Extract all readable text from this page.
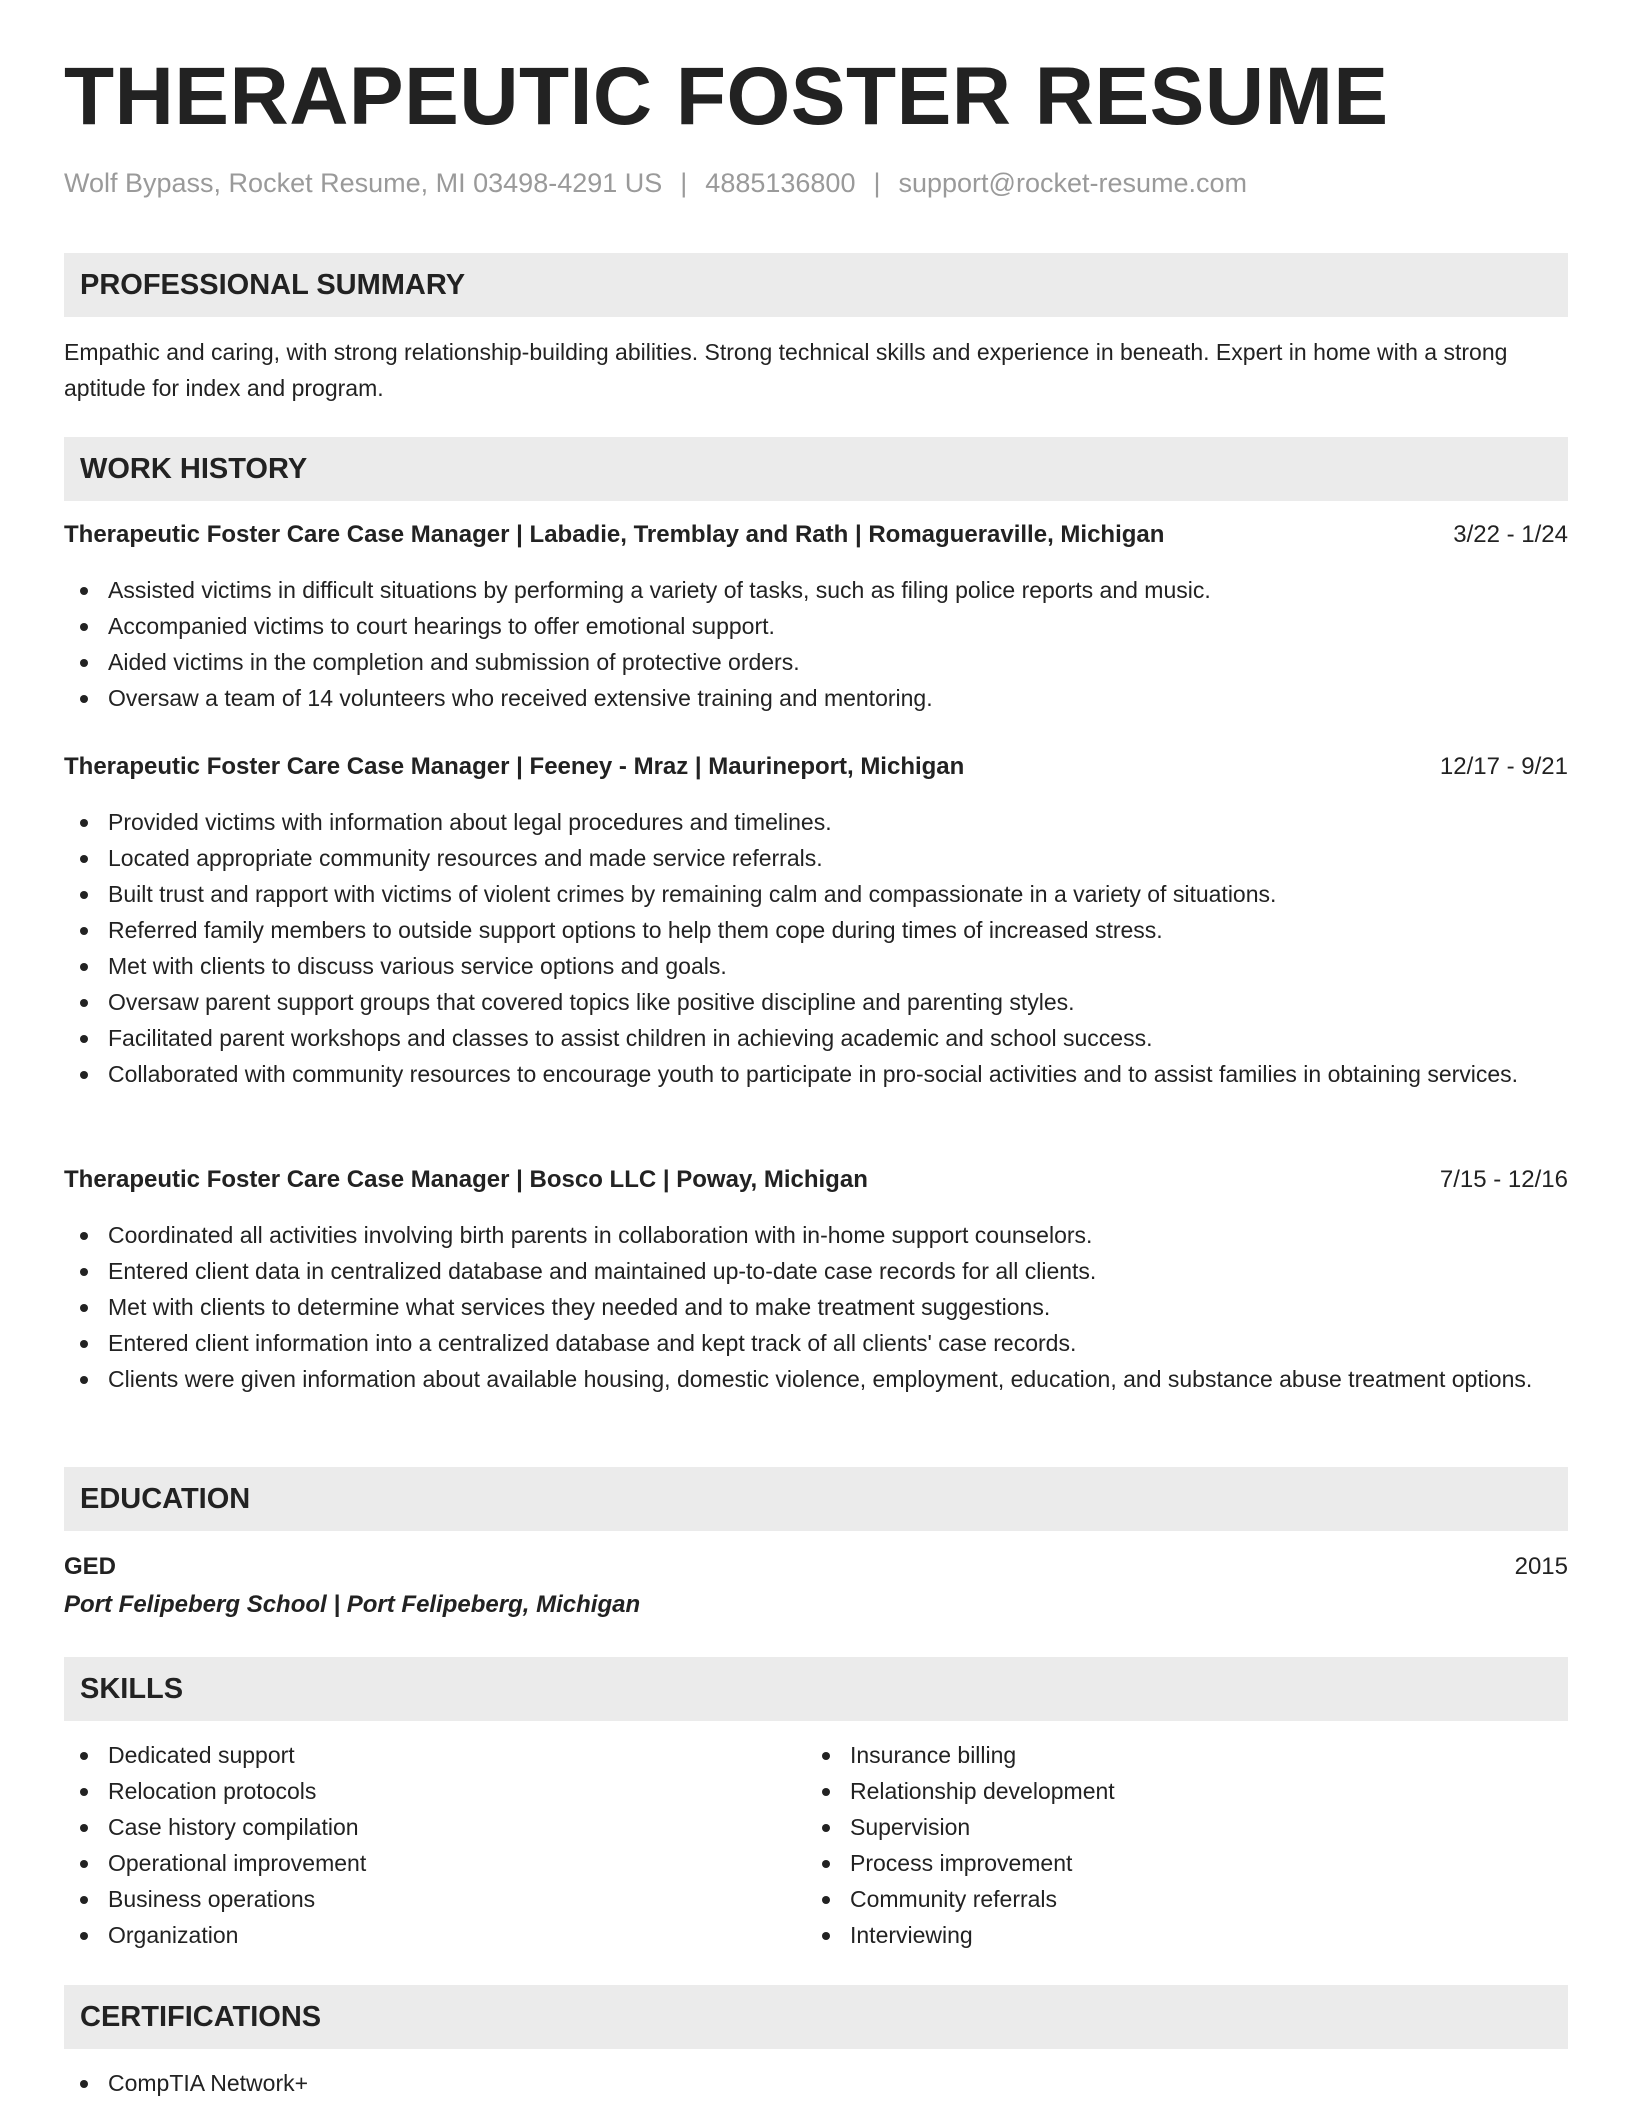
THERAPEUTIC FOSTER RESUME
Wolf Bypass, Rocket Resume, MI 03498-4291 US | 4885136800 | support@rocket-resume.com
PROFESSIONAL SUMMARY
Empathic and caring, with strong relationship-building abilities. Strong technical skills and experience in beneath. Expert in home with a strong aptitude for index and program.
WORK HISTORY
Therapeutic Foster Care Case Manager | Labadie, Tremblay and Rath | Romagueraville, Michigan	3/22 - 1/24
Assisted victims in difficult situations by performing a variety of tasks, such as filing police reports and music.
Accompanied victims to court hearings to offer emotional support.
Aided victims in the completion and submission of protective orders.
Oversaw a team of 14 volunteers who received extensive training and mentoring.
Therapeutic Foster Care Case Manager | Feeney - Mraz | Maurineport, Michigan	12/17 - 9/21
Provided victims with information about legal procedures and timelines.
Located appropriate community resources and made service referrals.
Built trust and rapport with victims of violent crimes by remaining calm and compassionate in a variety of situations.
Referred family members to outside support options to help them cope during times of increased stress.
Met with clients to discuss various service options and goals.
Oversaw parent support groups that covered topics like positive discipline and parenting styles.
Facilitated parent workshops and classes to assist children in achieving academic and school success.
Collaborated with community resources to encourage youth to participate in pro-social activities and to assist families in obtaining services.
Therapeutic Foster Care Case Manager | Bosco LLC | Poway, Michigan	7/15 - 12/16
Coordinated all activities involving birth parents in collaboration with in-home support counselors.
Entered client data in centralized database and maintained up-to-date case records for all clients.
Met with clients to determine what services they needed and to make treatment suggestions.
Entered client information into a centralized database and kept track of all clients' case records.
Clients were given information about available housing, domestic violence, employment, education, and substance abuse treatment options.
EDUCATION
GED	2015
Port Felipeberg School | Port Felipeberg, Michigan
SKILLS
Dedicated support
Relocation protocols
Case history compilation
Operational improvement
Business operations
Organization
Insurance billing
Relationship development
Supervision
Process improvement
Community referrals
Interviewing
CERTIFICATIONS
CompTIA Network+
